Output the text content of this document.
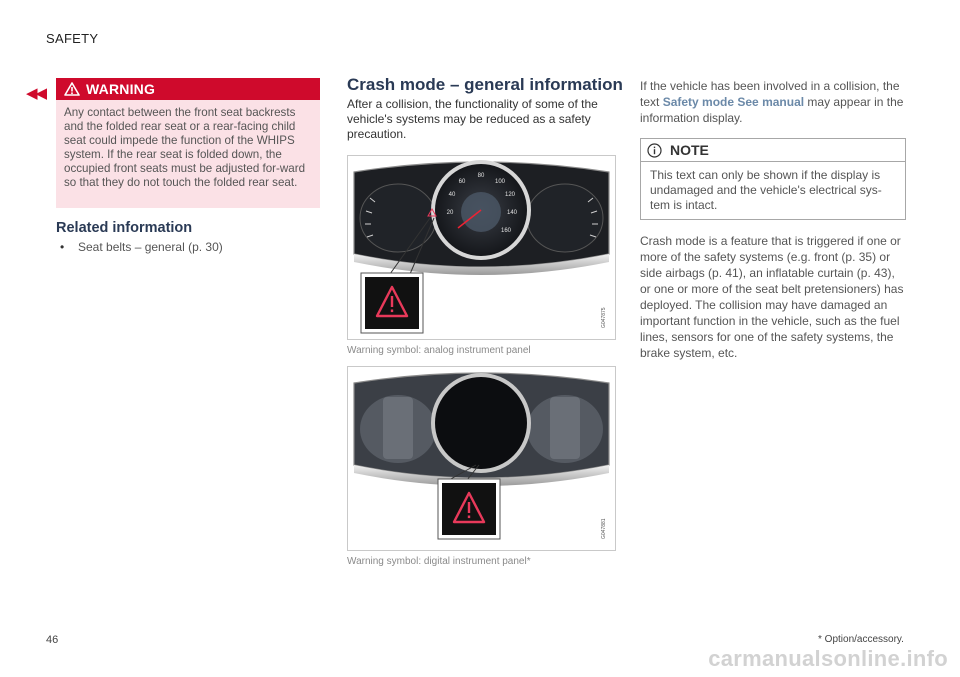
SAFETY
◀◀	WARNING
Any contact between the front seat backrests and the folded rear seat or a rear-facing child seat could impede the function of the WHIPS system. If the rear seat is folded down, the occupied front seats must be adjusted for-ward so that they do not touch the folded rear seat.
Related information
• Seat belts – general (p. 30)
Crash mode – general information
After a collision, the functionality of some of the vehicle's systems may be reduced as a safety precaution.
20
40
60
80
100
120
140
160
G047875
Warning symbol: analog instrument panel
G047881
Warning symbol: digital instrument panel*
If the vehicle has been involved in a collision, the text Safety mode See manual may appear in the information display.
NOTE
This text can only be shown if the display is undamaged and the vehicle's electrical sys-tem is intact.
Crash mode is a feature that is triggered if one or more of the safety systems (e.g. front (p. 35) or side airbags (p. 41), an inflatable curtain (p. 43), or one or more of the seat belt pretensioners) has deployed. The collision may have damaged an important function in the vehicle, such as the fuel lines, sensors for one of the safety systems, the brake system, etc.
46	* Option/accessory.
carmanualsonline.info
